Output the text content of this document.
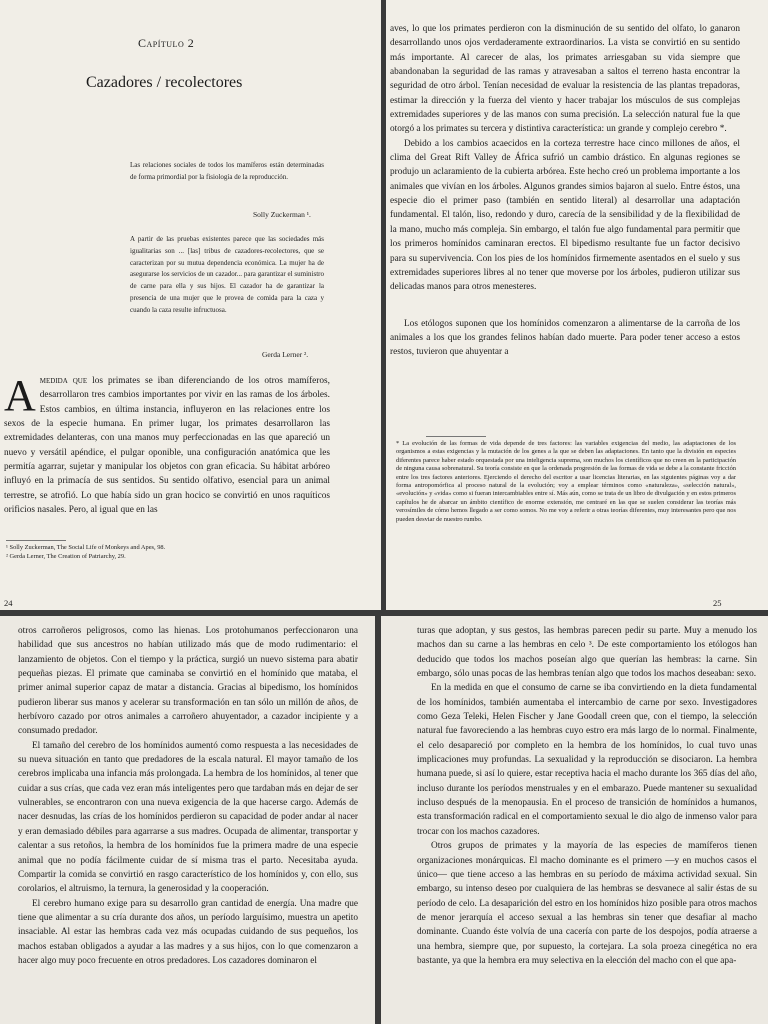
Capítulo 2
Cazadores / recolectores
Las relaciones sociales de todos los mamíferos están determinadas de forma primordial por la fisiología de la reproducción.
Solly Zuckerman ¹.
A partir de las pruebas existentes parece que las sociedades más igualitarias son ... [las] tribus de cazadores-recolectores, que se caracterizan por su mutua dependencia económica. La mujer ha de asegurarse los servicios de un cazador... para garantizar el suministro de carne para ella y sus hijos. El cazador ha de garantizar la presencia de una mujer que le provea de comida para la caza y cuando la caza resulte infructuosa.
Gerda Lerner ².

Amedida que los primates se iban diferenciando de los otros mamíferos, desarrollaron tres cambios importantes por vivir en las ramas de los árboles. Estos cambios, en última instancia, influyeron en las relaciones entre los sexos de la especie humana. En primer lugar, los primates desarrollaron las extremidades delanteras, con una manos muy perfeccionadas en las que apareció un nuevo y versátil apéndice, el pulgar oponible, una configuración anatómica que les permitía agarrar, sujetar y manipular los objetos con gran eficacia. Su hábitat arbóreo influyó en la primacía de sus sentidos. Su sentido olfativo, esencial para un animal terrestre, se atrofió. Lo que había sido un gran hocico se convirtió en unos raquíticos orificios nasales. Pero, al igual que en las

¹ Solly Zuckerman, The Social Life of Monkeys and Apes, 98.
² Gerda Lerner, The Creation of Patriarchy, 29.
24

aves, lo que los primates perdieron con la disminución de su sentido del olfato, lo ganaron desarrollando unos ojos verdaderamente extraordinarios. La vista se convirtió en su sentido más importante. Al carecer de alas, los primates arriesgaban su vida siempre que abandonaban la seguridad de las ramas y atravesaban a saltos el terreno hasta encontrar la seguridad de otro árbol. Tenían necesidad de evaluar la resistencia de las plantas trepadoras, estimar la dirección y la fuerza del viento y hacer trabajar los músculos de sus complejas extremidades superiores y de las manos con suma precisión. La selección natural fue la que otorgó a los primates su tercera y distintiva característica: un grande y complejo cerebro *.

Debido a los cambios acaecidos en la corteza terrestre hace cinco millones de años, el clima del Great Rift Valley de África sufrió un cambio drástico. En algunas regiones se produjo un aclaramiento de la cubierta arbórea. Este hecho creó un problema importante a los animales que vivían en los árboles. Algunos grandes simios bajaron al suelo. Entre éstos, una especie dio el primer paso (también en sentido literal) al desarrollar una adaptación fundamental. El talón, liso, redondo y duro, carecía de la sensibilidad y de la flexibilidad de la mano, mucho más compleja. Sin embargo, el talón fue algo fundamental para permitir que los primeros homínidos caminaran erectos. El bipedismo resultante fue un factor decisivo para su supervivencia. Con los pies de los homínidos firmemente asentados en el suelo y sus extremidades superiores libres al no tener que moverse por los árboles, pudieron utilizar sus delicadas manos para otros menesteres.

Los etólogos suponen que los homínidos comenzaron a alimentarse de la carroña de los animales a los que los grandes felinos habían dado muerte. Para poder tener acceso a estos restos, tuvieron que ahuyentar a

* La evolución de las formas de vida depende de tres factores: las variables exigencias del medio, las adaptaciones de los organismos a estas exigencias y la mutación de los genes a la que se deben las adaptaciones. En tanto que la división en especies diferentes parece haber estado orquestada por una inteligencia suprema, son muchos los científicos que no creen en la participación de ninguna causa sobrenatural. Su teoría consiste en que la ordenada progresión de las formas de vida se debe a la constante fricción entre los tres factores anteriores. Ejerciendo el derecho del escritor a usar licencias literarias, en las siguientes páginas voy a dar forma antropomórfica al proceso natural de la evolución; voy a emplear términos como «naturaleza», «selección natural», «evolución» y «vida» como si fueran intercambiables entre sí. Más aún, como se trata de un libro de divulgación y en estos primeros capítulos he de abarcar un ámbito científico de enorme extensión, me centraré en las que se suelen considerar las teorías más verosímiles de cómo hemos llegado a ser como somos. No me voy a referir a otras teorías diferentes, muy interesantes pero que nos pueden desviar de nuestro rumbo.
25

otros carroñeros peligrosos, como las hienas. Los protohumanos perfeccionaron una habilidad que sus ancestros no habían utilizado más que de modo rudimentario: el lanzamiento de objetos. Con el tiempo y la práctica, surgió un nuevo sistema para abatir pequeñas piezas. El primate que caminaba se convirtió en el homínido que mataba, el primer animal superior capaz de matar a distancia. Gracias al bipedismo, los homínidos pudieron liberar sus manos y acelerar su transformación en tan sólo un millón de años, de herbívoro cazado por otros animales a carroñero ahuyentador, a cazador incipiente y a consumado predador.

El tamaño del cerebro de los homínidos aumentó como respuesta a las necesidades de su nueva situación en tanto que predadores de la escala natural. El mayor tamaño de los cerebros implicaba una infancia más prolongada. La hembra de los homínidos, al tener que cuidar a sus crías, que cada vez eran más inteligentes pero que tardaban más en dejar de ser vulnerables, se encontraron con una nueva exigencia de la que hacerse cargo. Además de nacer desnudas, las crías de los homínidos perdieron su capacidad de poder andar al nacer y eran demasiado débiles para agarrarse a sus madres. Ocupada de alimentar, transportar y calentar a sus retoños, la hembra de los homínidos fue la primera madre de una especie animal que no podía fácilmente cuidar de sí misma tras el parto. Necesitaba ayuda. Compartir la comida se convirtió en rasgo característico de los homínidos y, con ello, sus corolarios, el altruismo, la ternura, la generosidad y la cooperación.

El cerebro humano exige para su desarrollo gran cantidad de energía. Una madre que tiene que alimentar a su cría durante dos años, un período larguísimo, muestra un apetito insaciable. Al estar las hembras cada vez más ocupadas cuidando de sus pequeños, los machos estaban obligados a ayudar a las madres y a sus hijos, con lo que comenzaron a hacer algo muy poco frecuente en otros predadores. Los cazadores dominaron el

turas que adoptan, y sus gestos, las hembras parecen pedir su parte. Muy a menudo los machos dan su carne a las hembras en celo ³. De este comportamiento los etólogos han deducido que todos los machos poseían algo que querían las hembras: la carne. Sin embargo, sólo unas pocas de las hembras tenían algo que todos los machos deseaban: sexo.

En la medida en que el consumo de carne se iba convirtiendo en la dieta fundamental de los homínidos, también aumentaba el intercambio de carne por sexo. Investigadores como Geza Teleki, Helen Fischer y Jane Goodall creen que, con el tiempo, la selección natural fue favoreciendo a las hembras cuyo estro era más largo de lo normal. Finalmente, el celo desapareció por completo en la hembra de los homínidos, lo cual tuvo unas implicaciones muy profundas. La sexualidad y la reproducción se disociaron. La hembra humana puede, si así lo quiere, estar receptiva hacia el macho durante los 365 días del año, incluso durante los períodos menstruales y en el embarazo. Puede mantener su sexualidad incluso después de la menopausia. En el proceso de transición de homínidos a humanos, esta transformación radical en el comportamiento sexual le dio algo de inmenso valor para trocar con los machos cazadores.

Otros grupos de primates y la mayoría de las especies de mamíferos tienen organizaciones monárquicas. El macho dominante es el primero —y en muchos casos el único— que tiene acceso a las hembras en su período de máxima actividad sexual. Sin embargo, su intenso deseo por cualquiera de las hembras se desvanece al salir éstas de su período de celo. La desaparición del estro en los homínidos hizo posible para otros machos de menor jerarquía el acceso sexual a las hembras sin tener que desafiar al macho dominante. Cuando éste volvía de una cacería con parte de los despojos, podía atraerse a una hembra, siempre que, por supuesto, la cortejara. La sola proeza cinegética no era bastante, ya que la hembra era muy selectiva en la elección del macho con el que apa-
